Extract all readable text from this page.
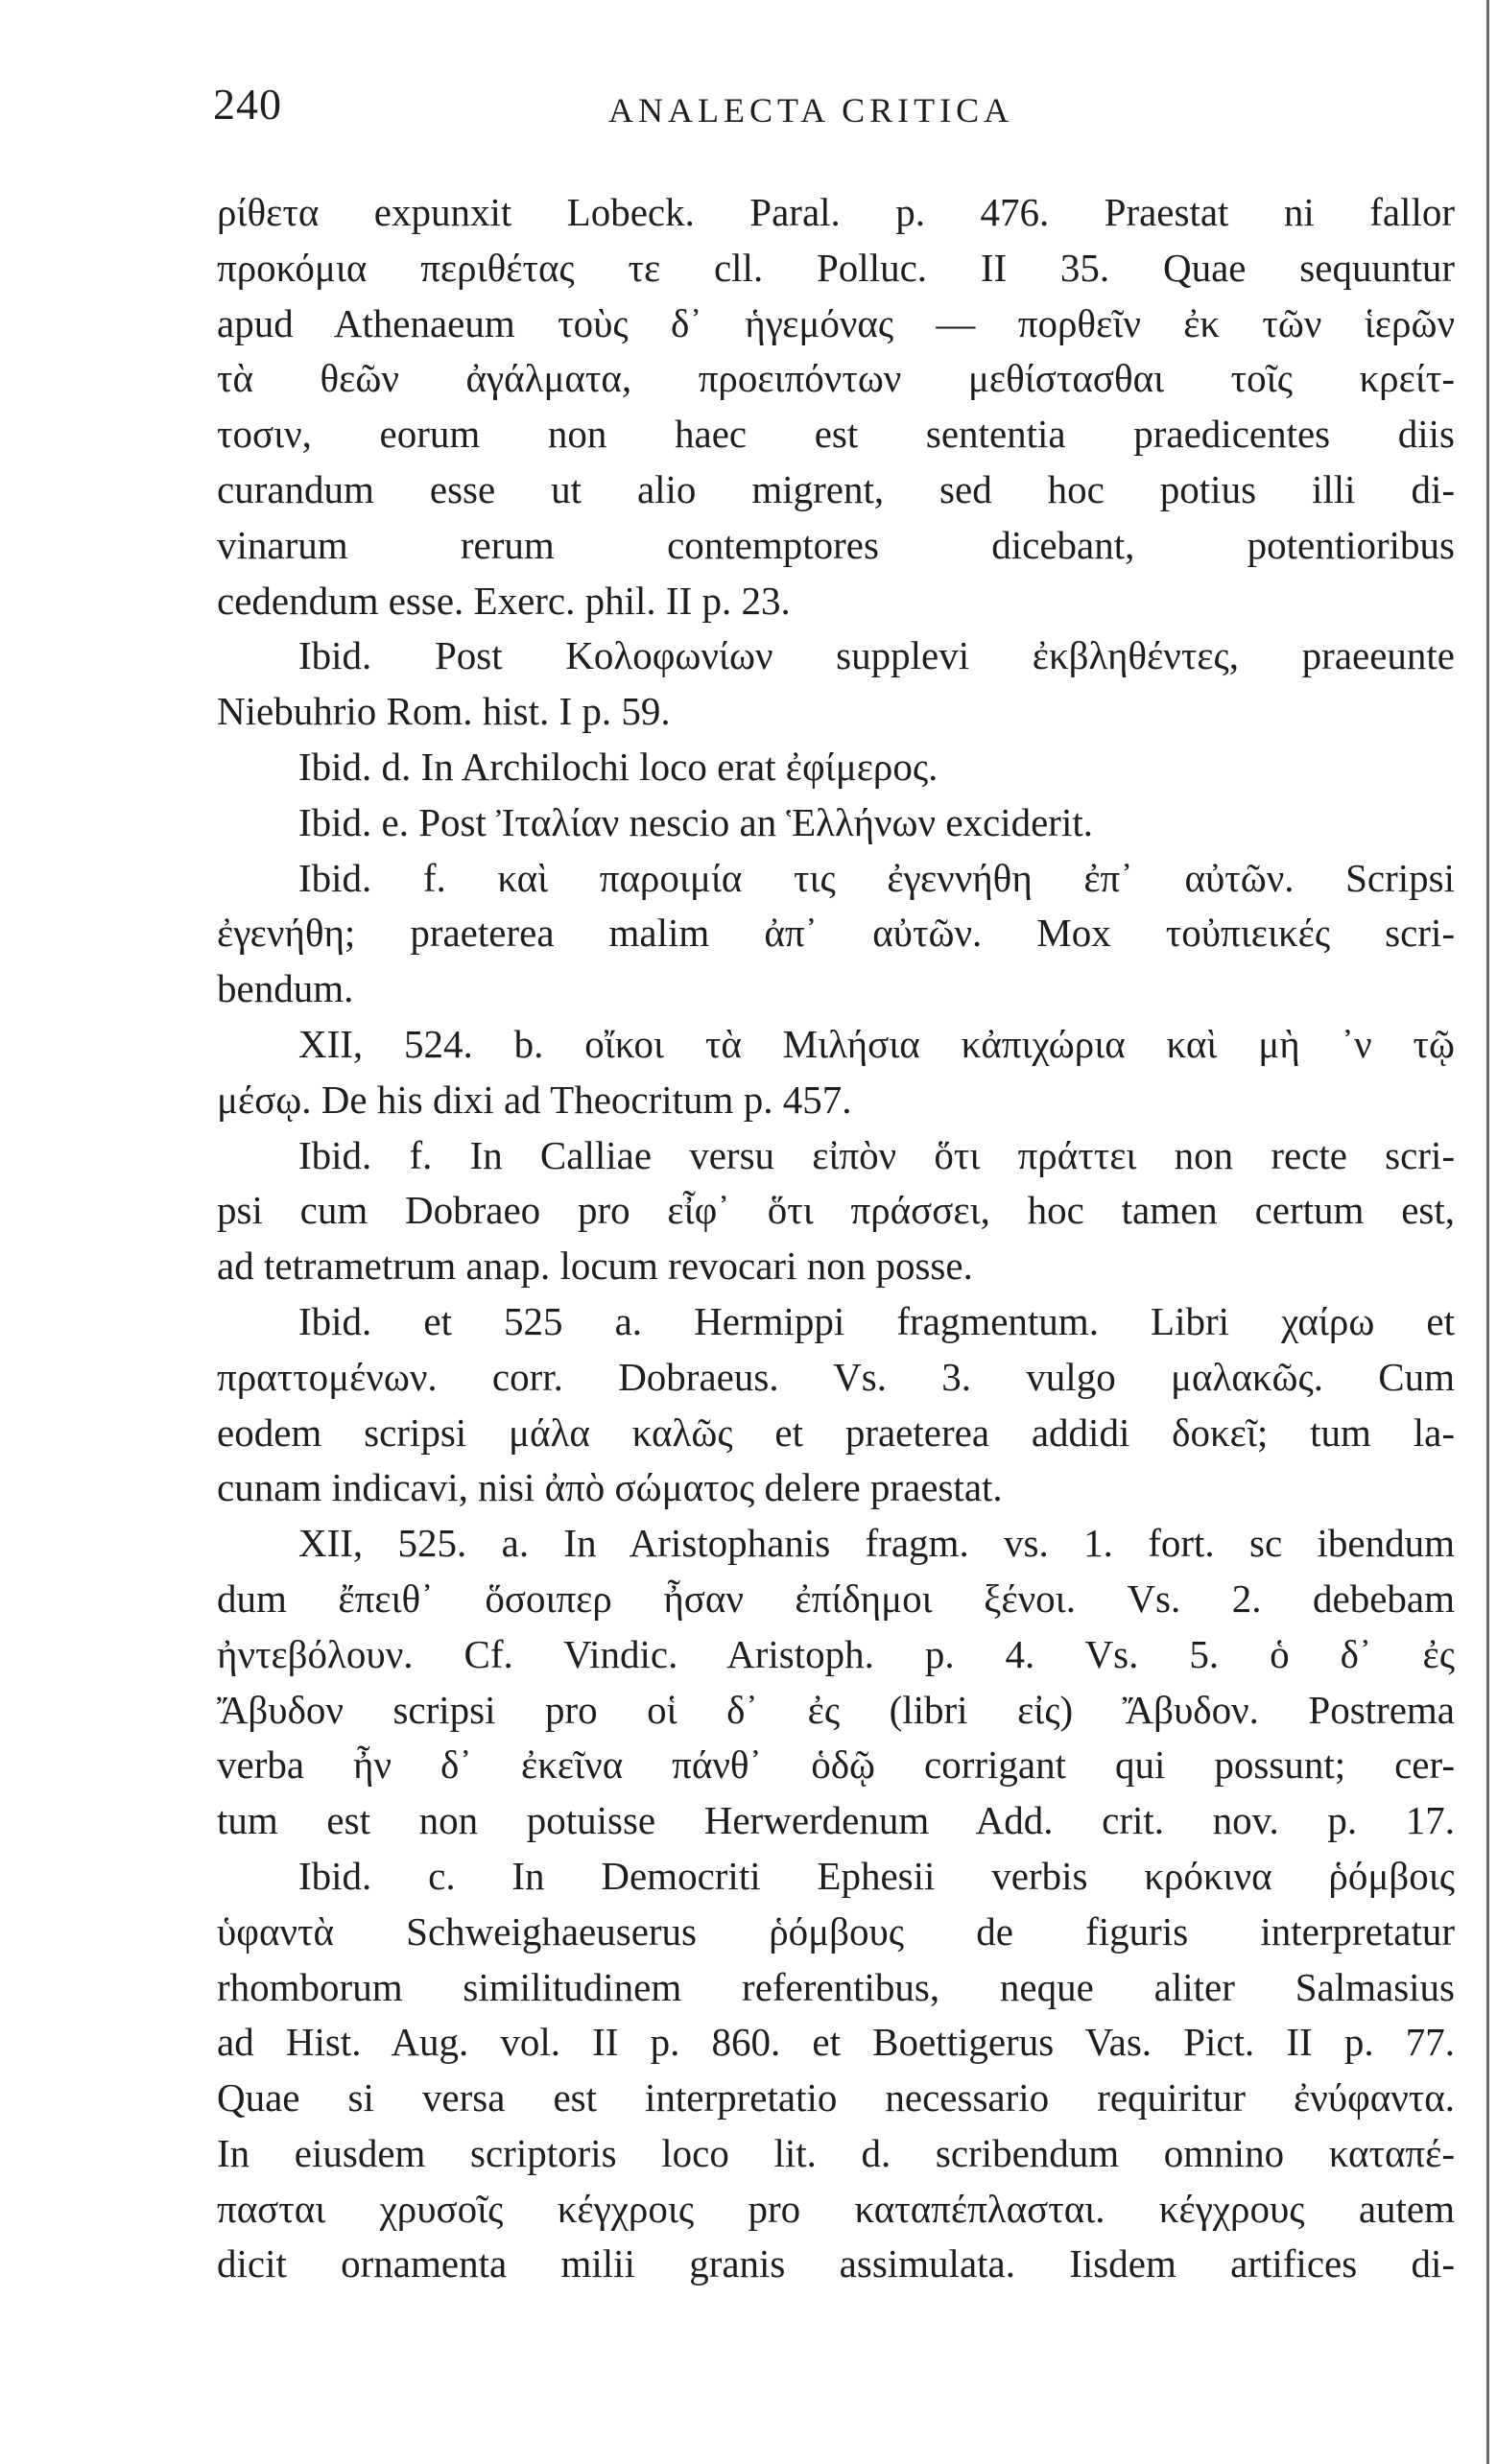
240	ANALECTA CRITICA
ρίθετα expunxit Lobeck. Paral. p. 476. Praestat ni fallor
προκόμια περιθέτας τε cll. Polluc. II 35. Quae sequuntur
apud Athenaeum τοὺς δ᾽ ἡγεμόνας — πορθεῖν ἐκ τῶν ἱερῶν
τὰ θεῶν ἀγάλματα, προειπόντων μεθίστασθαι τοῖς κρείτ-
τοσιν, eorum non haec est sententia praedicentes diis
curandum esse ut alio migrent, sed hoc potius illi di-
vinarum rerum contemptores dicebant, potentioribus
cedendum esse. Exerc. phil. II p. 23.
Ibid. Post Κολοφωνίων supplevi ἐκβληθέντες, praeeunte
Niebuhrio Rom. hist. I p. 59.
Ibid. d. In Archilochi loco erat ἐφίμερος.
Ibid. e. Post Ἰταλίαν nescio an Ἑλλήνων exciderit.
Ibid. f. καὶ παροιμία τις ἐγεννήθη ἐπ᾽ αὐτῶν. Scripsi
ἐγενήθη; praeterea malim ἀπ᾽ αὐτῶν. Mox τοὐπιεικές scri-
bendum.
XII, 524. b. οἴκοι τὰ Μιλήσια κἀπιχώρια καὶ μὴ ᾽ν τῷ
μέσῳ. De his dixi ad Theocritum p. 457.
Ibid. f. In Calliae versu εἰπὸν ὅτι πράττει non recte scri-
psi cum Dobraeo pro εἶφ᾽ ὅτι πράσσει, hoc tamen certum est,
ad tetrametrum anap. locum revocari non posse.
Ibid. et 525 a. Hermippi fragmentum. Libri χαίρω et
πραττομένων. corr. Dobraeus. Vs. 3. vulgo μαλακῶς. Cum
eodem scripsi μάλα καλῶς et praeterea addidi δοκεῖ; tum la-
cunam indicavi, nisi ἀπὸ σώματος delere praestat.
XII, 525. a. In Aristophanis fragm. vs. 1. fort. sc ibendum
dum ἔπειθ᾽ ὅσοιπερ ἦσαν ἐπίδημοι ξένοι. Vs. 2. debebam
ἠντεβόλουν. Cf. Vindic. Aristoph. p. 4. Vs. 5. ὁ δ᾽ ἐς
Ἄβυδον scripsi pro οἱ δ᾽ ἐς (libri εἰς) Ἄβυδον. Postrema
verba ἦν δ᾽ ἐκεῖνα πάνθ᾽ ὁδῷ corrigant qui possunt; cer-
tum est non potuisse Herwerdenum Add. crit. nov. p. 17.
Ibid. c. In Democriti Ephesii verbis κρόκινα ῥόμβοις
ὑφαντὰ Schweighaeuserus ῥόμβους de figuris interpretatur
rhomborum similitudinem referentibus, neque aliter Salmasius
ad Hist. Aug. vol. II p. 860. et Boettigerus Vas. Pict. II p. 77.
Quae si versa est interpretatio necessario requiritur ἐνύφαντα.
In eiusdem scriptoris loco lit. d. scribendum omnino καταπέ-
πασται χρυσοῖς κέγχροις pro καταπέπλασται. κέγχρους autem
dicit ornamenta milii granis assimulata. Iisdem artifices di-
